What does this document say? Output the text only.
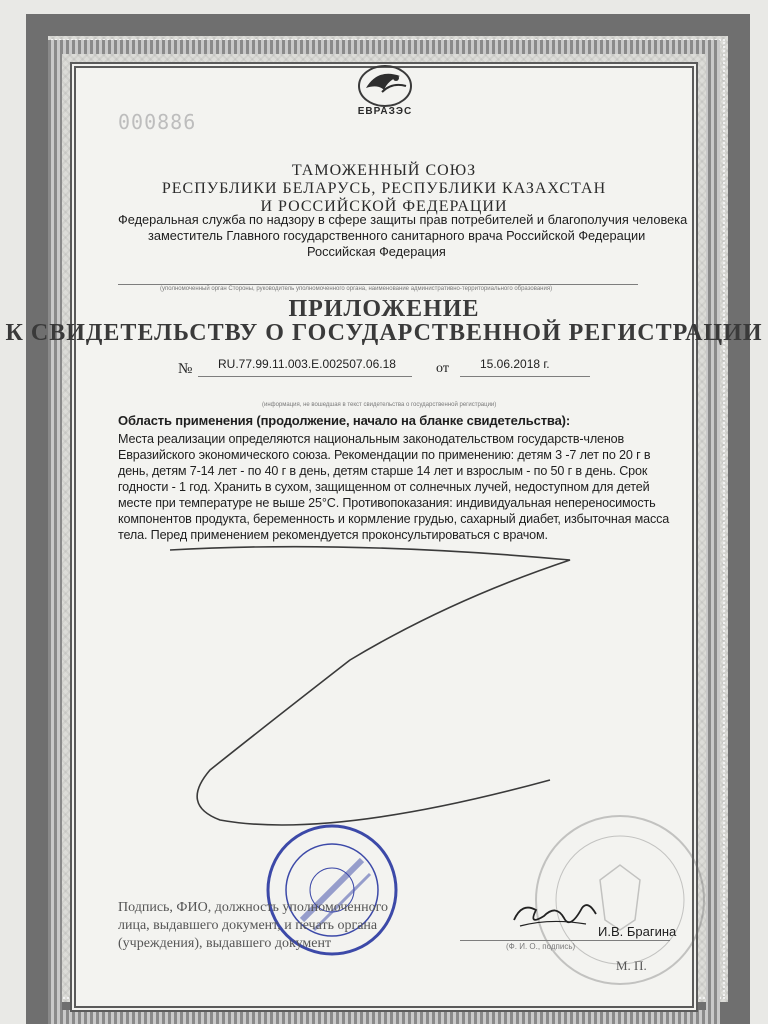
ЕВРАЗЭС
000886
ТАМОЖЕННЫЙ СОЮЗ
РЕСПУБЛИКИ БЕЛАРУСЬ, РЕСПУБЛИКИ КАЗАХСТАН
И РОССИЙСКОЙ ФЕДЕРАЦИИ
Федеральная служба по надзору в сфере защиты прав потребителей и благополучия человека
заместитель Главного государственного санитарного врача Российской Федерации
Российская Федерация
(уполномоченный орган Стороны, руководитель уполномоченного органа, наименование административно-территориального образования)
ПРИЛОЖЕНИЕ
К СВИДЕТЕЛЬСТВУ О ГОСУДАРСТВЕННОЙ РЕГИСТРАЦИИ
№ RU.77.99.11.003.Е.002507.06.18	от	15.06.2018 г.
(информация, не вошедшая в текст свидетельства о государственной регистрации)
Область применения (продолжение, начало на бланке свидетельства):
Места реализации определяются национальным законодательством государств-членов
Евразийского экономического союза. Рекомендации по применению: детям 3 -7 лет по 20 г в
день, детям 7-14 лет - по 40 г в день, детям старше 14 лет и взрослым - по 50 г в день. Срок
годности - 1 год. Хранить в сухом, защищенном от солнечных лучей, недоступном для детей
месте при температуре не выше 25°С. Противопоказания: индивидуальная непереносимость
компонентов продукта, беременность и кормление грудью, сахарный диабет, избыточная масса
тела. Перед применением рекомендуется проконсультироваться с врачом.
Подпись, ФИО, должность уполномоченного
лица, выдавшего документ, и печать органа
(учреждения), выдавшего документ
И.В. Брагина
(Ф. И. О., подпись)
М. П.
